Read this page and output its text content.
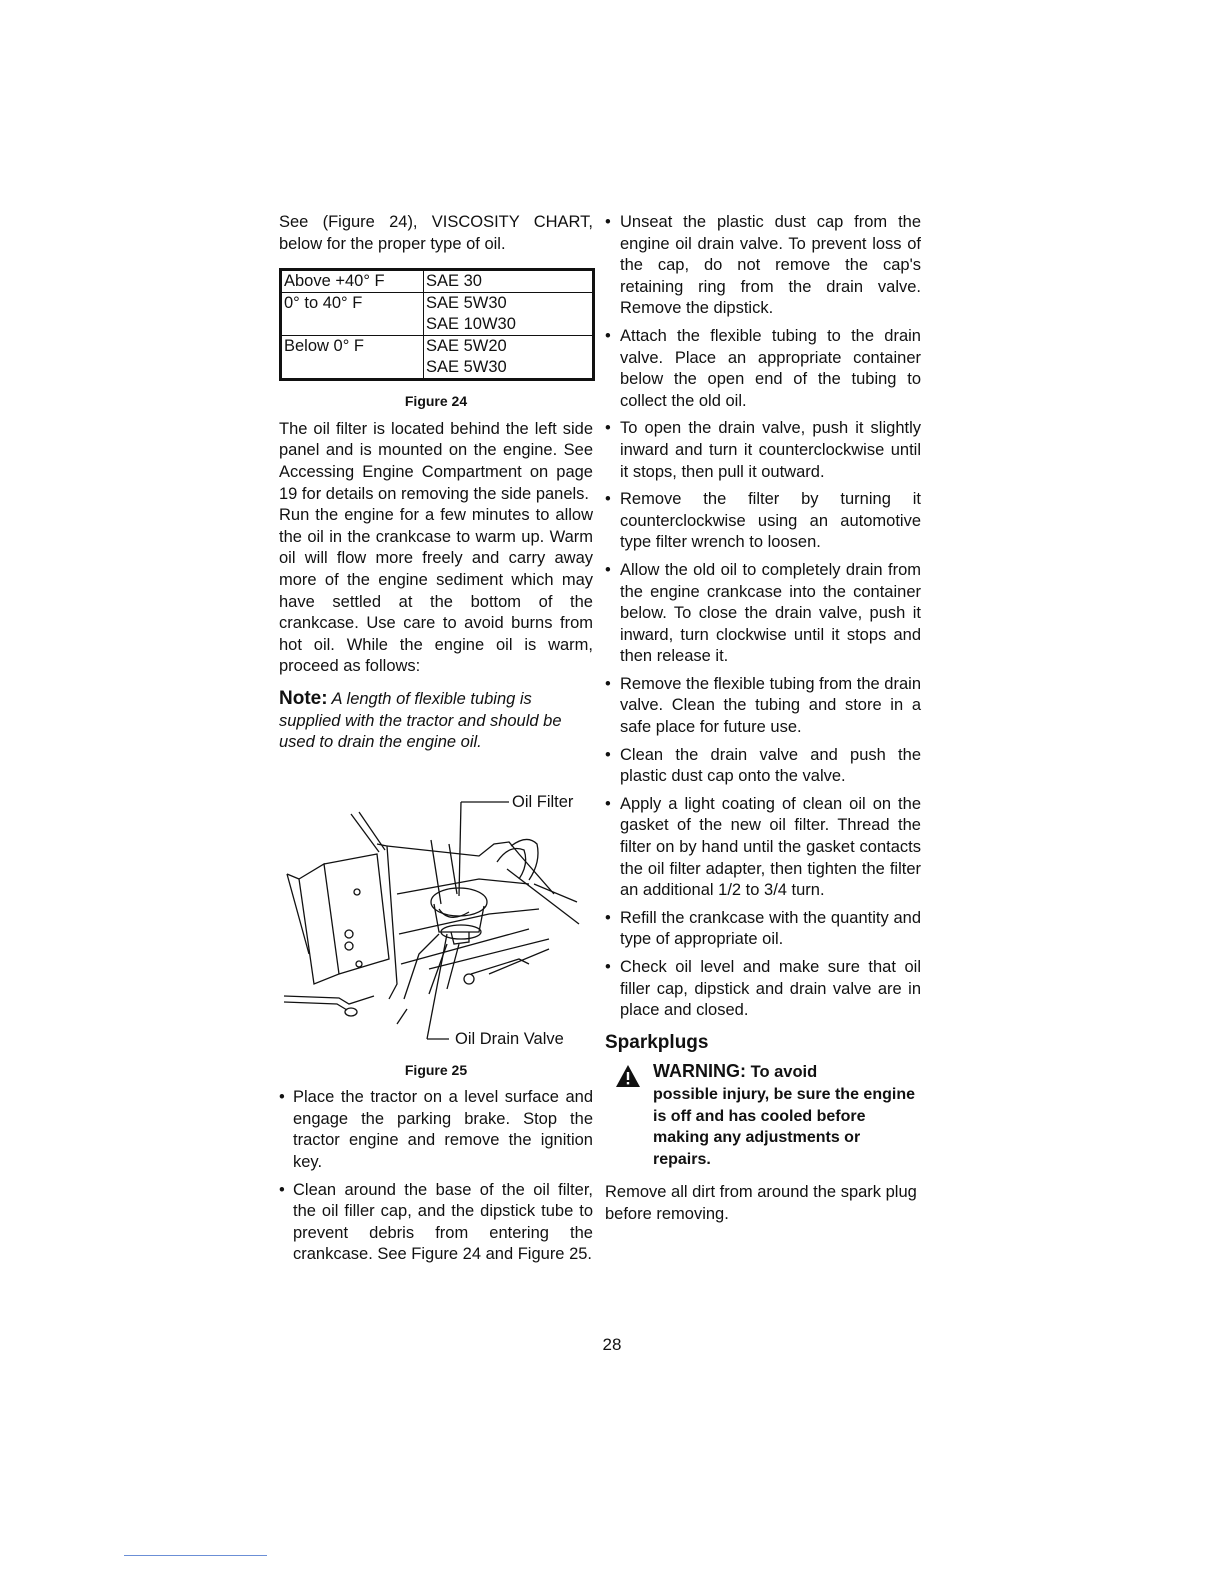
See (Figure 24), VISCOSITY CHART, below for the proper type of oil.

Above +40° F	SAE 30

0° to 40° F	SAE 5W30
SAE 10W30

Below 0° F	SAE 5W20
SAE 5W30
Figure 24

The oil filter is located behind the left side panel and is mounted on the engine. See Accessing Engine Compartment on page 19 for details on removing the side panels.

Run the engine for a few minutes to allow the oil in the crankcase to warm up. Warm oil will flow more freely and carry away more of the engine sediment which may have settled at the bottom of the crankcase. Use care to avoid burns from hot oil. While the engine oil is warm, proceed as follows:

Note: A length of flexible tubing is supplied with the tractor and should be used to drain the engine oil.

Oil Filter
Oil Drain Valve
Figure 25
• Place the tractor on a level surface and engage the parking brake. Stop the tractor engine and remove the ignition key.
• Clean around the base of the oil filter, the oil filler cap, and the dipstick tube to prevent debris from entering the crankcase. See Figure 24 and Figure 25.
• Unseat the plastic dust cap from the engine oil drain valve. To prevent loss of the cap, do not remove the cap's retaining ring from the drain valve. Remove the dipstick.
• Attach the flexible tubing to the drain valve. Place an appropriate container below the open end of the tubing to collect the old oil.
• To open the drain valve, push it slightly inward and turn it counterclockwise until it stops, then pull it outward.
• Remove the filter by turning it counterclockwise using an automotive type filter wrench to loosen.
• Allow the old oil to completely drain from the engine crankcase into the container below. To close the drain valve, push it inward, turn clockwise until it stops and then release it.
• Remove the flexible tubing from the drain valve. Clean the tubing and store in a safe place for future use.
• Clean the drain valve and push the plastic dust cap onto the valve.
• Apply a light coating of clean oil on the gasket of the new oil filter. Thread the filter on by hand until the gasket contacts the oil filter adapter, then tighten the filter an additional 1/2 to 3/4 turn.
• Refill the crankcase with the quantity and type of appropriate oil.
• Check oil level and make sure that oil filler cap, dipstick and drain valve are in place and closed.
Sparkplugs
WARNING: To avoid
possible injury, be sure the engine is off and has cooled before making any adjustments or repairs.

Remove all dirt from around the spark plug before removing.

28
